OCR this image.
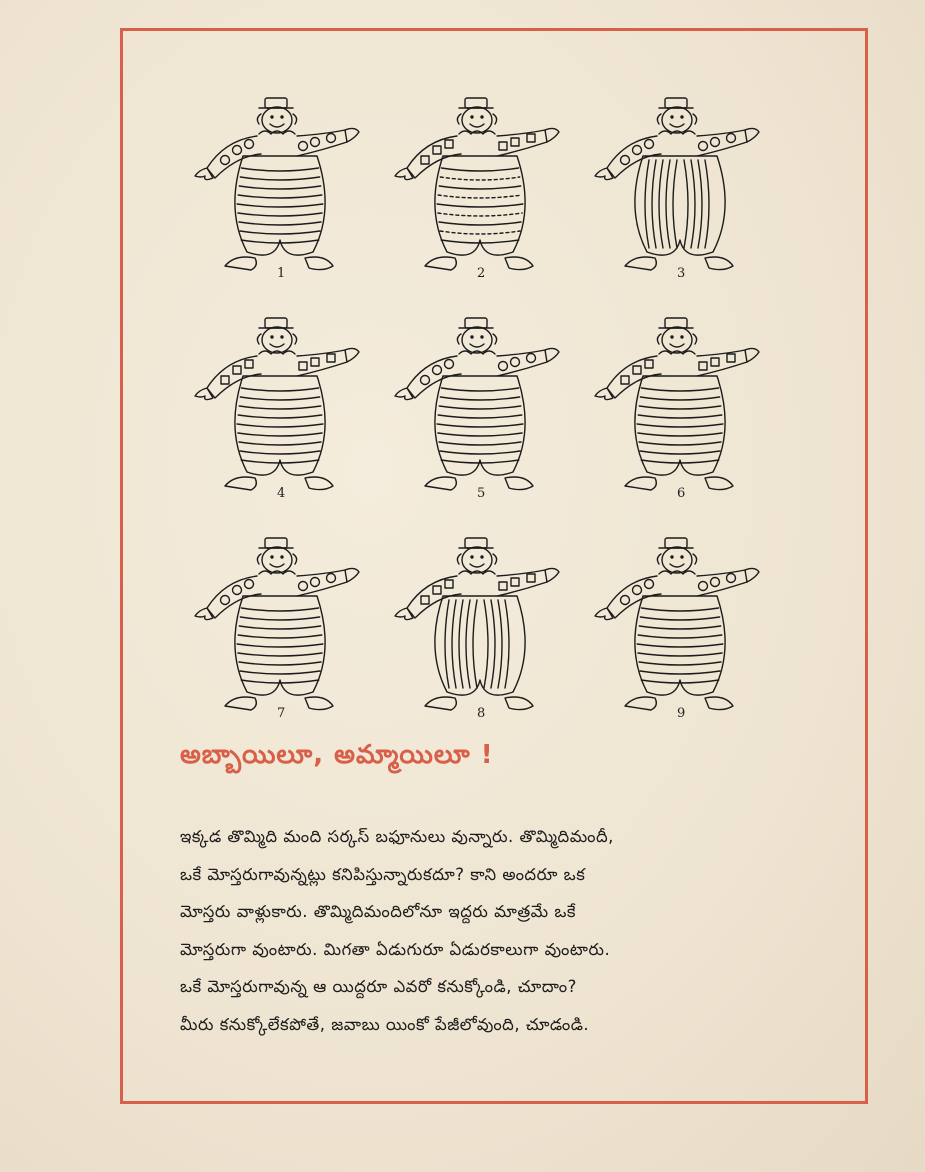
1	2	3
4	5	6
7	8	9
అబ్బాయిలూ, అమ్మాయిలూ !

ఇక్కడ తొమ్మిది మంది సర్కస్ బఫూనులు వున్నారు. తొమ్మిదిమందీ,

ఒకే మోస్తరుగావున్నట్లు కనిపిస్తున్నారుకదూ? కాని అందరూ ఒక

మోస్తరు వాళ్లుకారు. తొమ్మిదిమందిలోనూ ఇద్దరు మాత్రమే ఒకే

మోస్తరుగా వుంటారు. మిగతా ఏడుగురూ ఏడురకాలుగా వుంటారు.

ఒకే మోస్తరుగావున్న ఆ యిద్దరూ ఎవరో కనుక్కోండి, చూదాం?

మీరు కనుక్కోలేకపోతే, జవాబు యింకో పేజీలోవుంది, చూడండి.
